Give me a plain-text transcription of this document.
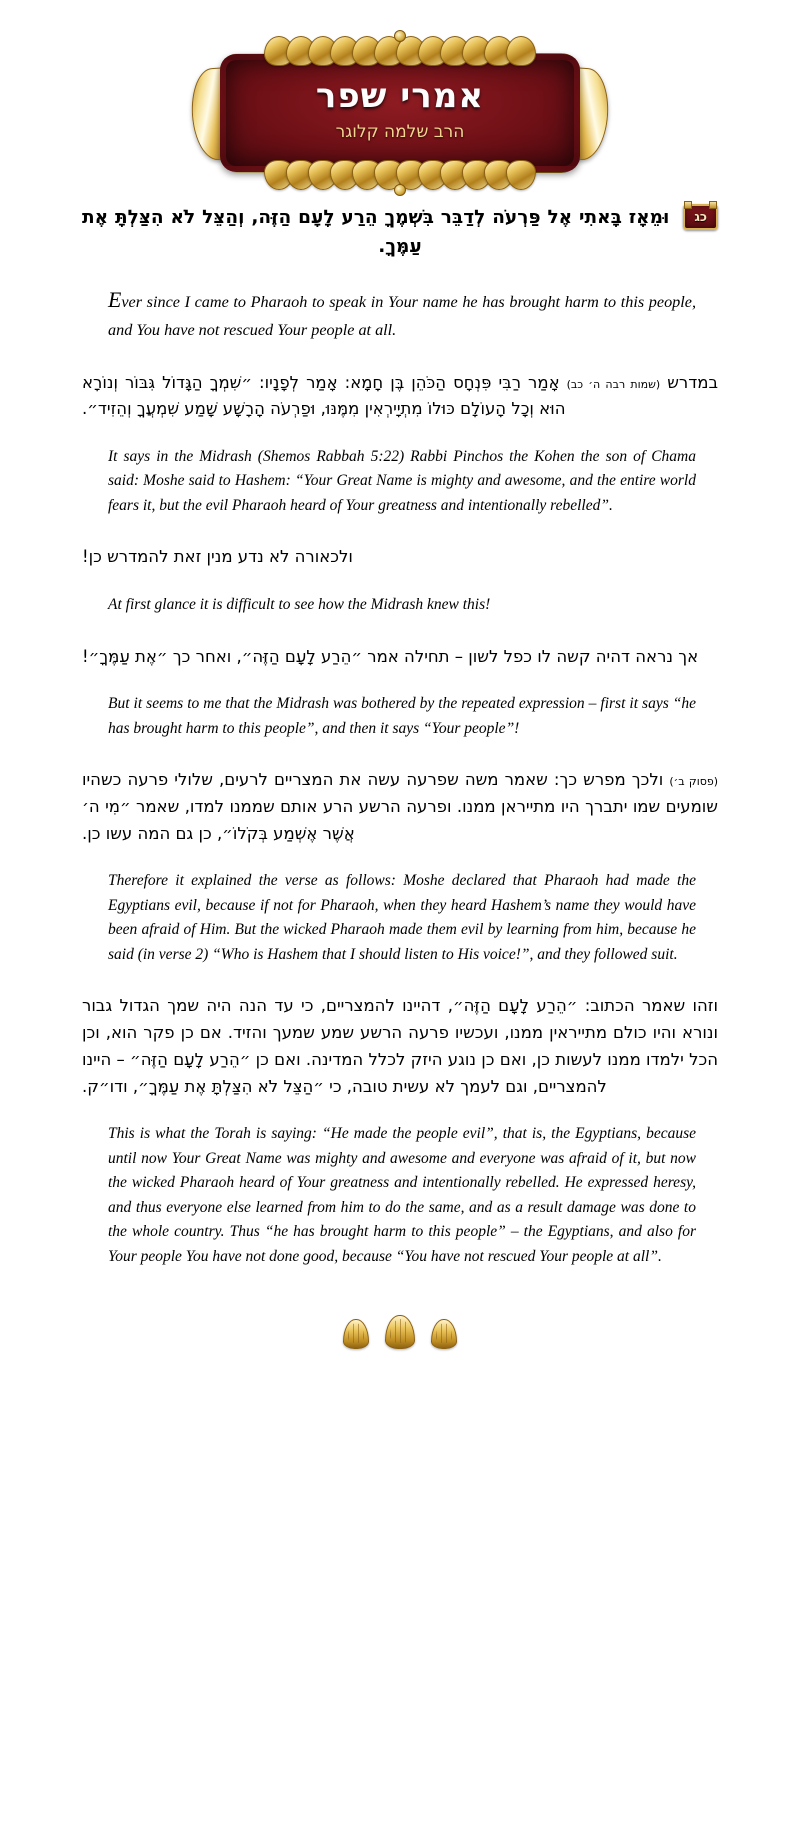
אמרי שפר
הרב שלמה קלוגר
כג וּמֵאָז בָּאתִי אֶל פַּרְעֹה לְדַבֵּר בִּשְׁמֶךָ הֵרַע לָעָם הַזֶּה, וְהַצֵּל לֹא הִצַּלְתָּ אֶת עַמֶּךָ.

Ever since I came to Pharaoh to speak in Your name he has brought harm to this people, and You have not rescued Your people at all.

במדרש (שמות רבה ה׳ כב) אָמַר רַבִּי פִּנְחָס הַכֹּהֵן בֶּן חָמָא: אָמַר לְפָנָיו: ״שִׁמְךָ הַגָּדוֹל גִּבּוֹר וְנוֹרָא הוּא וְכָל הָעוֹלָם כּוּלוֹ מִתְיָירְאִין מִמֶּנּוּ, וּפַרְעֹה הָרָשָׁע שָׁמַע שִׁמְעֲךָ וְהֵזִיד״.

It says in the Midrash (Shemos Rabbah 5:22) Rabbi Pinchos the Kohen the son of Chama said: Moshe said to Hashem: “Your Great Name is mighty and awesome, and the entire world fears it, but the evil Pharaoh heard of Your greatness and intentionally rebelled”.

ולכאורה לא נדע מנין זאת להמדרש כן!

At first glance it is difficult to see how the Midrash knew this!

אך נראה דהיה קשה לו כפל לשון – תחילה אמר ״הֵרַע לָעָם הַזֶּה״, ואחר כך ״אֶת עַמֶּךָ״!

But it seems to me that the Midrash was bothered by the repeated expression – first it says “he has brought harm to this people”, and then it says “Your people”!

(פסוק ב׳) ולכך מפרש כך: שאמר משה שפרעה עשה את המצריים לרעים, שלולי פרעה כשהיו שומעים שמו יתברך היו מתייראן ממנו. ופרעה הרשע הרע אותם שממנו למדו, שאמר ״מִי ה׳ אֲשֶׁר אֶשְׁמַע בְּקֹלוֹ״, כן גם המה עשו כן.

Therefore it explained the verse as follows: Moshe declared that Pharaoh had made the Egyptians evil, because if not for Pharaoh, when they heard Hashem’s name they would have been afraid of Him. But the wicked Pharaoh made them evil by learning from him, because he said (in verse 2) “Who is Hashem that I should listen to His voice!”, and they followed suit.

וזהו שאמר הכתוב: ״הֵרַע לָעָם הַזֶּה״, דהיינו להמצריים, כי עד הנה היה שמך הגדול גבור ונורא והיו כולם מתייראין ממנו, ועכשיו פרעה הרשע שמע שמעך והזיד. אם כן פקר הוא, וכן הכל ילמדו ממנו לעשות כן, ואם כן נוגע היזק לכלל המדינה. ואם כן ״הֵרַע לָעָם הַזֶּה״ – היינו להמצריים, וגם לעמך לא עשית טובה, כי ״הַצֵּל לֹא הִצַּלְתָּ אֶת עַמֶּךָ״, ודו״ק.

This is what the Torah is saying: “He made the people evil”, that is, the Egyptians, because until now Your Great Name was mighty and awesome and everyone was afraid of it, but now the wicked Pharaoh heard of Your greatness and intentionally rebelled. He expressed heresy, and thus everyone else learned from him to do the same, and as a result damage was done to the whole country. Thus “he has brought harm to this people” – the Egyptians, and also for Your people You have not done good, because “You have not rescued Your people at all”.
